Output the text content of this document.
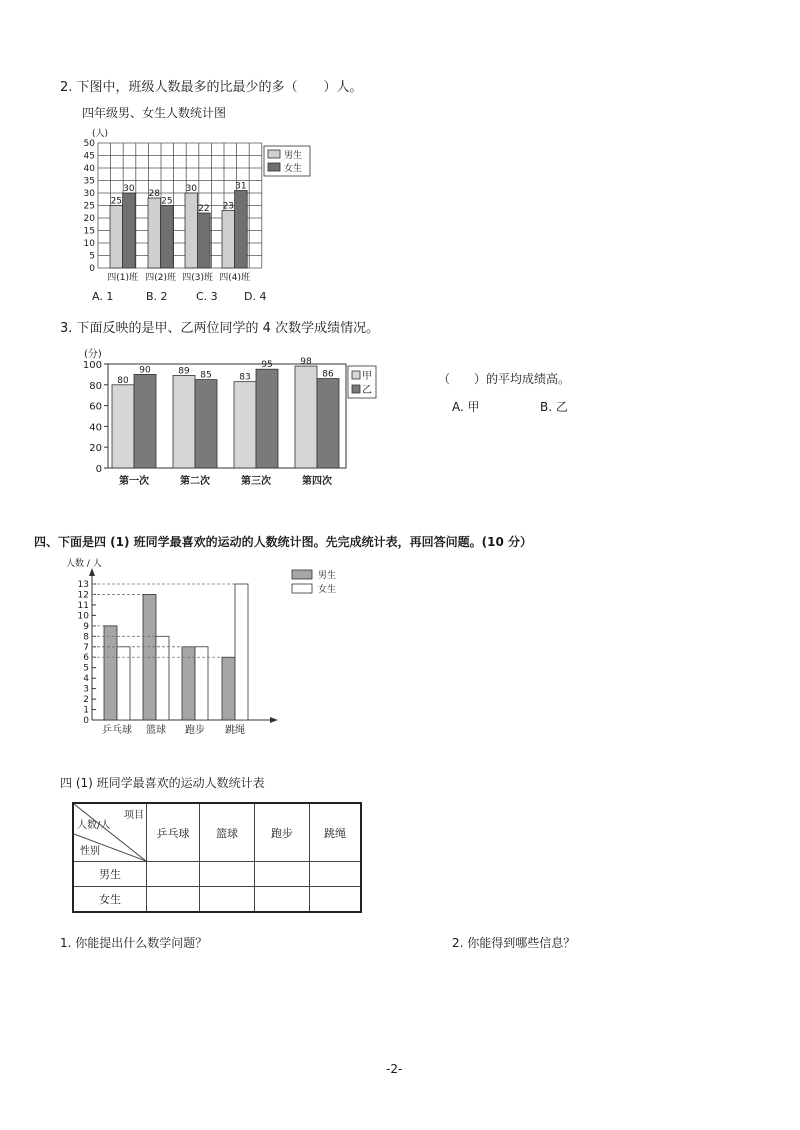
2. 下图中，班级人数最多的比最少的多（　　）人。
四年级男、女生人数统计图
0
5
10
15
20
25
30
35
40
45
50
(人)
25
30
四(1)班
28
25
四(2)班
30
22
四(3)班
23
31
四(4)班
男生
女生
A. 1	B. 2	C. 3 D. 4
3. 下面反映的是甲、乙两位同学的 4 次数学成绩情况。
0
20
40
60
80
100
(分)
80
90
第一次
89 85
第二次
83
95
第三次
98
86
第四次
甲
乙
（　　）的平均成绩高。
A. 甲	B. 乙
四、下面是四 (1) 班同学最喜欢的运动的人数统计图。先完成统计表，再回答问题。(10 分）
0
1
2
3
4
5
6
7
8
9
10
11
12
13
人数 / 人
乒乓球 篮球 跑步 跳绳
男生
女生
四 (1) 班同学最喜欢的运动人数统计表
项目
人数/人
性别	乒乓球	篮球	跑步	跳绳
男生				
女生				
1. 你能提出什么数学问题？	2. 你能得到哪些信息？
-2-
